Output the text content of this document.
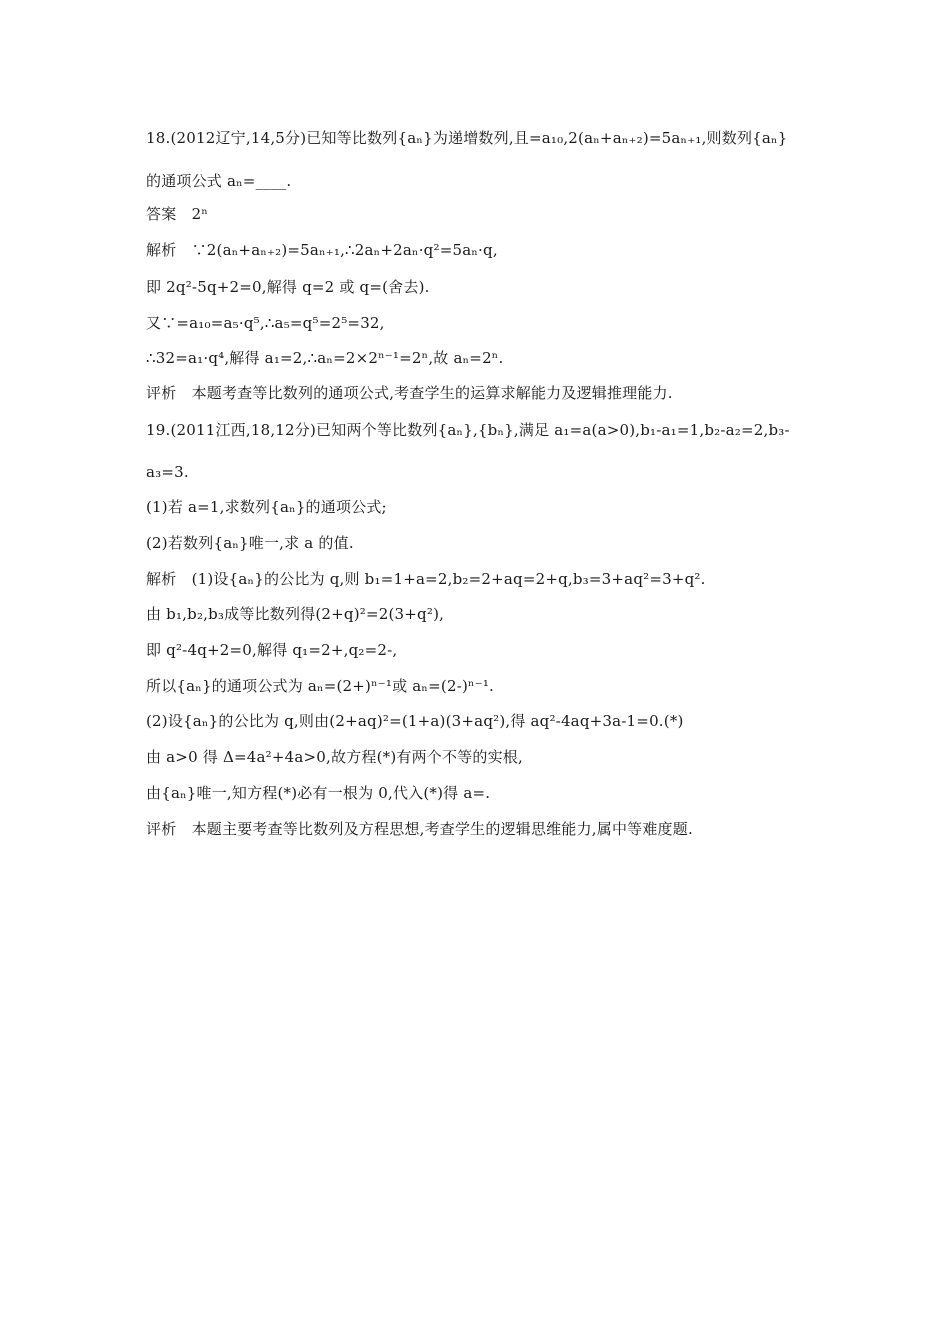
18.(2012辽宁,14,5分)已知等比数列{aₙ}为递增数列,且=a₁₀,2(aₙ+aₙ₊₂)=5aₙ₊₁,则数列{aₙ}
的通项公式 aₙ=____.
答案　2ⁿ
解析　∵2(aₙ+aₙ₊₂)=5aₙ₊₁,∴2aₙ+2aₙ·q²=5aₙ·q,
即 2q²-5q+2=0,解得 q=2 或 q=(舍去).
又∵=a₁₀=a₅·q⁵,∴a₅=q⁵=2⁵=32,
∴32=a₁·q⁴,解得 a₁=2,∴aₙ=2×2ⁿ⁻¹=2ⁿ,故 aₙ=2ⁿ.
评析　本题考查等比数列的通项公式,考查学生的运算求解能力及逻辑推理能力.
19.(2011江西,18,12分)已知两个等比数列{aₙ},{bₙ},满足 a₁=a(a>0),b₁-a₁=1,b₂-a₂=2,b₃-
a₃=3.
(1)若 a=1,求数列{aₙ}的通项公式;
(2)若数列{aₙ}唯一,求 a 的值.
解析　(1)设{aₙ}的公比为 q,则 b₁=1+a=2,b₂=2+aq=2+q,b₃=3+aq²=3+q².
由 b₁,b₂,b₃成等比数列得(2+q)²=2(3+q²),
即 q²-4q+2=0,解得 q₁=2+,q₂=2-,
所以{aₙ}的通项公式为 aₙ=(2+)ⁿ⁻¹或 aₙ=(2-)ⁿ⁻¹.
(2)设{aₙ}的公比为 q,则由(2+aq)²=(1+a)(3+aq²),得 aq²-4aq+3a-1=0.(*)
由 a>0 得 Δ=4a²+4a>0,故方程(*)有两个不等的实根,
由{aₙ}唯一,知方程(*)必有一根为 0,代入(*)得 a=.
评析　本题主要考查等比数列及方程思想,考查学生的逻辑思维能力,属中等难度题.
